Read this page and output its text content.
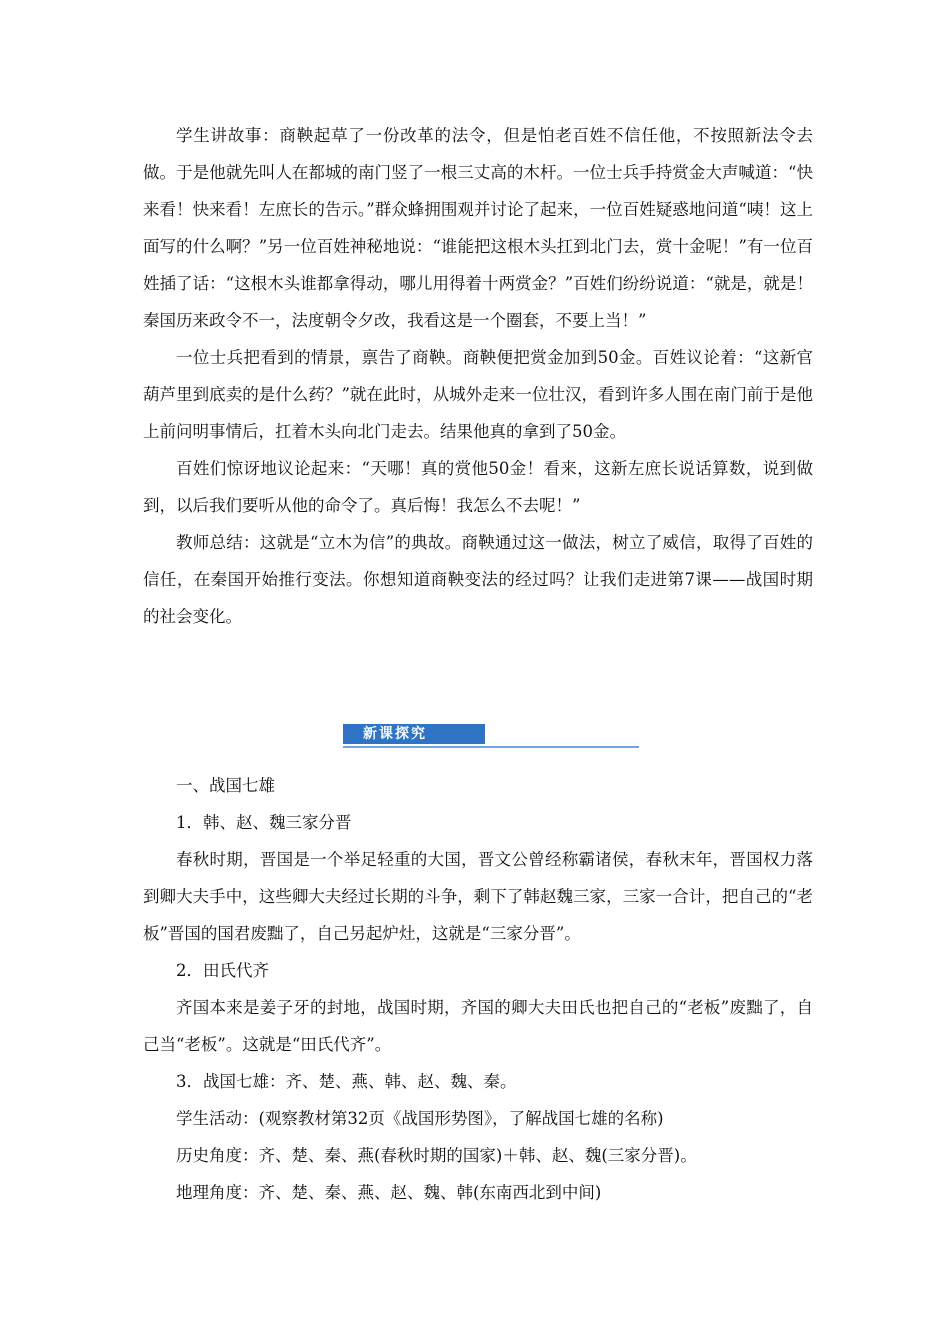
学生讲故事：商鞅起草了一份改革的法令，但是怕老百姓不信任他，不按照新法令去做。于是他就先叫人在都城的南门竖了一根三丈高的木杆。一位士兵手持赏金大声喊道：“快来看！快来看！左庶长的告示。”群众蜂拥围观并讨论了起来，一位百姓疑惑地问道“咦！这上面写的什么啊？”另一位百姓神秘地说：“谁能把这根木头扛到北门去，赏十金呢！”有一位百姓插了话：“这根木头谁都拿得动，哪儿用得着十两赏金？”百姓们纷纷说道：“就是，就是！秦国历来政令不一，法度朝令夕改，我看这是一个圈套，不要上当！”

一位士兵把看到的情景，禀告了商鞅。商鞅便把赏金加到50金。百姓议论着：“这新官葫芦里到底卖的是什么药？”就在此时，从城外走来一位壮汉，看到许多人围在南门前于是他上前问明事情后，扛着木头向北门走去。结果他真的拿到了50金。

百姓们惊讶地议论起来：“天哪！真的赏他50金！看来，这新左庶长说话算数，说到做到，以后我们要听从他的命令了。真后悔！我怎么不去呢！”

教师总结：这就是“立木为信”的典故。商鞅通过这一做法，树立了威信，取得了百姓的信任，在秦国开始推行变法。你想知道商鞅变法的经过吗？让我们走进第7课——战国时期的社会变化。

新课探究

一、战国七雄

1．韩、赵、魏三家分晋

春秋时期，晋国是一个举足轻重的大国，晋文公曾经称霸诸侯，春秋末年，晋国权力落到卿大夫手中，这些卿大夫经过长期的斗争，剩下了韩赵魏三家，三家一合计，把自己的“老板”晋国的国君废黜了，自己另起炉灶，这就是“三家分晋”。

2．田氏代齐

齐国本来是姜子牙的封地，战国时期，齐国的卿大夫田氏也把自己的“老板”废黜了，自己当“老板”。这就是“田氏代齐”。

3．战国七雄：齐、楚、燕、韩、赵、魏、秦。

学生活动：(观察教材第32页《战国形势图》，了解战国七雄的名称)

历史角度：齐、楚、秦、燕(春秋时期的国家)＋韩、赵、魏(三家分晋)。

地理角度：齐、楚、秦、燕、赵、魏、韩(东南西北到中间)
